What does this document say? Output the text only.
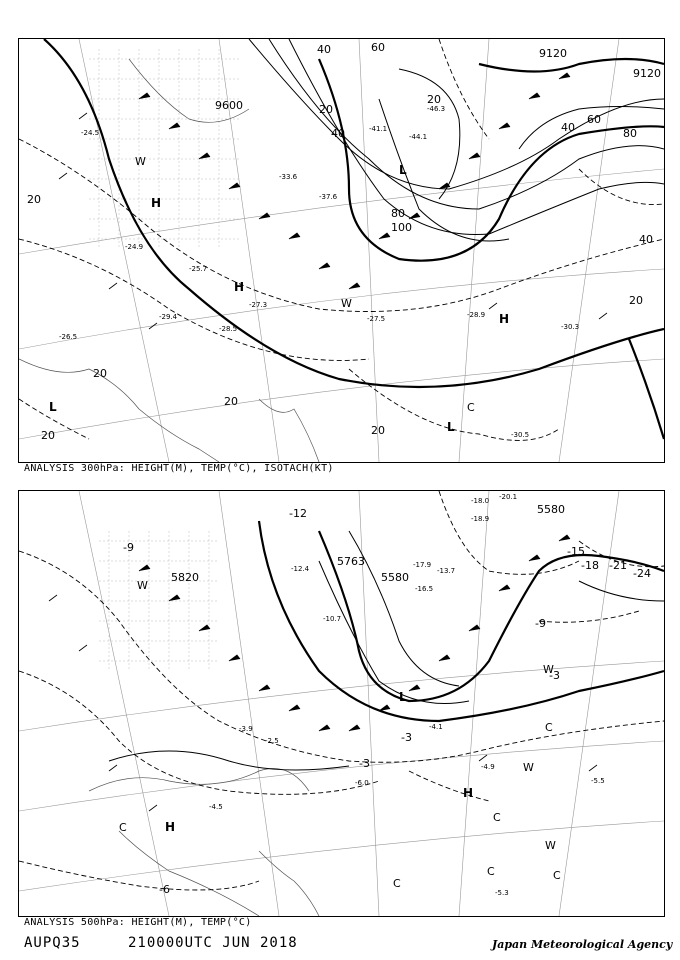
9120
9120
9600
20
20
20
20
20
20
20
20
40
40
40
40
60
60
80
80
100
H
H
H
L
L
L
W
W
C
-24.9
-25.7
-27.3
-28.5
-29.4
-33.6
-37.6
-41.1
-44.1
-46.3
-27.5	-28.9
-30.3
-30.5
-24.5
-26.5
ANALYSIS 300hPa: HEIGHT(M), TEMP(°C), ISOTACH(KT)
5820
5580
5580
5763
-3
-3
-3
-6
-9
-9
-12
-15
-18 -21
-24
H
H
L
W
W
W
W
C
C
C	C
C
C
-18.0 -20.1
-18.9
-13.7
-16.5
-17.9
-12.4
-4.9
-5.5
-5.3
-4.5
-3.9
-2.5
-6.0
-4.1
-10.7
ANALYSIS 500hPa: HEIGHT(M), TEMP(°C)
AUPQ35	210000UTC JUN 2018	Japan Meteorological Agency
